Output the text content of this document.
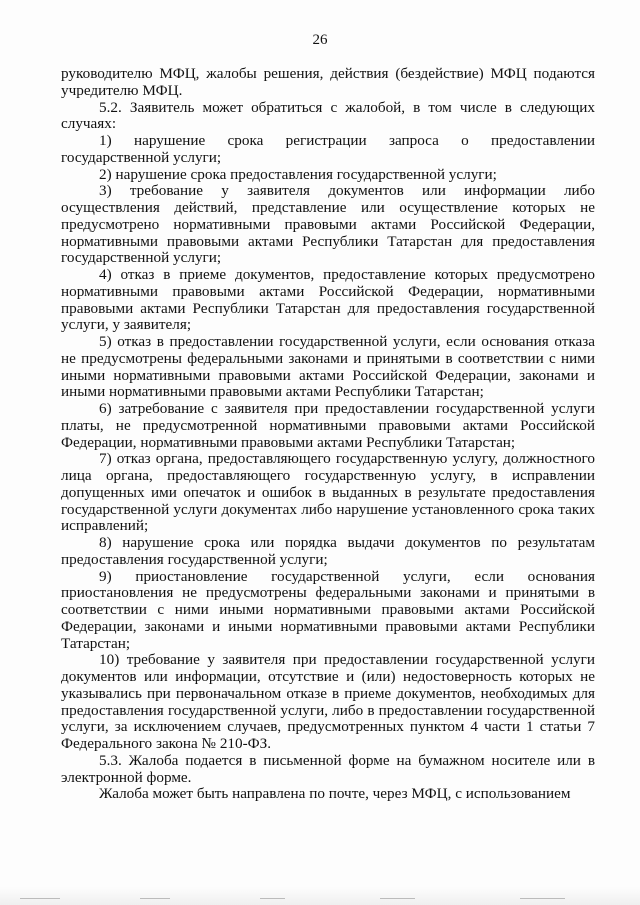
26

руководителю МФЦ, жалобы решения, действия (бездействие) МФЦ подаются учредителю МФЦ.

5.2. Заявитель может обратиться с жалобой, в том числе в следующих случаях:

1) нарушение срока регистрации запроса о предоставлении государственной услуги;

2) нарушение срока предоставления государственной услуги;

3) требование у заявителя документов или информации либо осуществления действий, представление или осуществление которых не предусмотрено нормативными правовыми актами Российской Федерации, нормативными правовыми актами Республики Татарстан для предоставления государственной услуги;

4) отказ в приеме документов, предоставление которых предусмотрено нормативными правовыми актами Российской Федерации, нормативными правовыми актами Республики Татарстан для предоставления государственной услуги, у заявителя;

5) отказ в предоставлении государственной услуги, если основания отказа не предусмотрены федеральными законами и принятыми в соответствии с ними иными нормативными правовыми актами Российской Федерации, законами и иными нормативными правовыми актами Республики Татарстан;

6) затребование с заявителя при предоставлении государственной услуги платы, не предусмотренной нормативными правовыми актами Российской Федерации, нормативными правовыми актами Республики Татарстан;

7) отказ органа, предоставляющего государственную услугу, должностного лица органа, предоставляющего государственную услугу, в исправлении допущенных ими опечаток и ошибок в выданных в результате предоставления государственной услуги документах либо нарушение установленного срока таких исправлений;

8) нарушение срока или порядка выдачи документов по результатам предоставления государственной услуги;

9) приостановление государственной услуги, если основания приостановления не предусмотрены федеральными законами и принятыми в соответствии с ними иными нормативными правовыми актами Российской Федерации, законами и иными нормативными правовыми актами Республики Татарстан;

10) требование у заявителя при предоставлении государственной услуги документов или информации, отсутствие и (или) недостоверность которых не указывались при первоначальном отказе в приеме документов, необходимых для предоставления государственной услуги, либо в предоставлении государственной услуги, за исключением случаев, предусмотренных пунктом 4 части 1 статьи 7 Федерального закона № 210-ФЗ.

5.3. Жалоба подается в письменной форме на бумажном носителе или в электронной форме.

Жалоба может быть направлена по почте, через МФЦ, с использованием
